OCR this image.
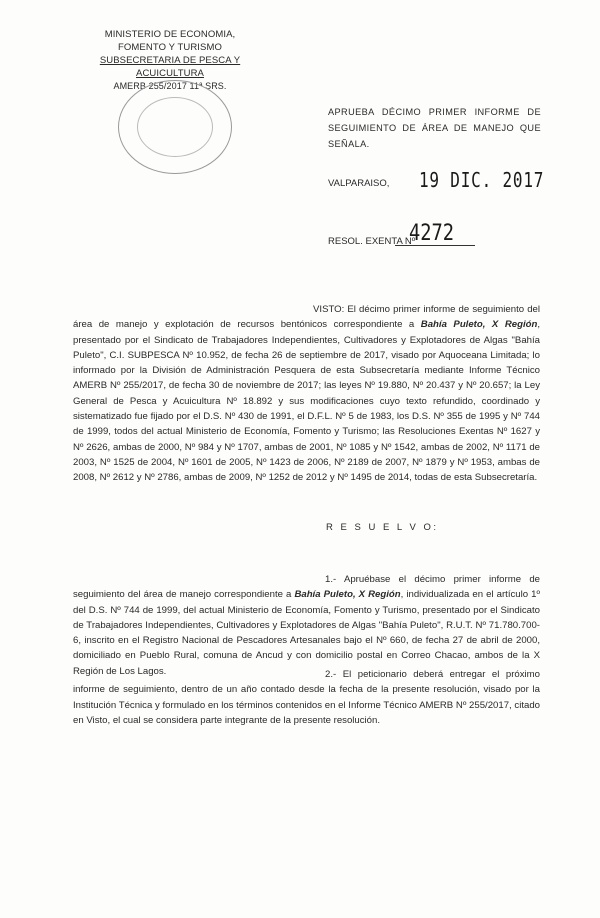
MINISTERIO DE ECONOMIA,
FOMENTO Y TURISMO
SUBSECRETARIA DE PESCA Y ACUICULTURA
AMERB 255/2017 11ª SRS.
APRUEBA DÉCIMO PRIMER INFORME DE SEGUIMIENTO DE ÁREA DE MANEJO QUE SEÑALA.
VALPARAISO, 19 DIC. 2017
RESOL. EXENTA Nº
4272
VISTO: El décimo primer informe de seguimiento del área de manejo y explotación de recursos bentónicos correspondiente a Bahía Puleto, X Región, presentado por el Sindicato de Trabajadores Independientes, Cultivadores y Explotadores de Algas "Bahía Puleto", C.I. SUBPESCA Nº 10.952, de fecha 26 de septiembre de 2017, visado por Aquoceana Limitada; lo informado por la División de Administración Pesquera de esta Subsecretaría mediante Informe Técnico AMERB Nº 255/2017, de fecha 30 de noviembre de 2017; las leyes Nº 19.880, Nº 20.437 y Nº 20.657; la Ley General de Pesca y Acuicultura Nº 18.892 y sus modificaciones cuyo texto refundido, coordinado y sistematizado fue fijado por el D.S. Nº 430 de 1991, el D.F.L. Nº 5 de 1983, los D.S. Nº 355 de 1995 y Nº 744 de 1999, todos del actual Ministerio de Economía, Fomento y Turismo; las Resoluciones Exentas Nº 1627 y Nº 2626, ambas de 2000, Nº 984 y Nº 1707, ambas de 2001, Nº 1085 y Nº 1542, ambas de 2002, Nº 1171 de 2003, Nº 1525 de 2004, Nº 1601 de 2005, Nº 1423 de 2006, Nº 2189 de 2007, Nº 1879 y Nº 1953, ambas de 2008, Nº 2612 y Nº 2786, ambas de 2009, Nº 1252 de 2012 y Nº 1495 de 2014, todas de esta Subsecretaría.
R E S U E L V O:
1.- Apruébase el décimo primer informe de seguimiento del área de manejo correspondiente a Bahía Puleto, X Región, individualizada en el artículo 1º del D.S. Nº 744 de 1999, del actual Ministerio de Economía, Fomento y Turismo, presentado por el Sindicato de Trabajadores Independientes, Cultivadores y Explotadores de Algas "Bahía Puleto", R.U.T. Nº 71.780.700-6, inscrito en el Registro Nacional de Pescadores Artesanales bajo el Nº 660, de fecha 27 de abril de 2000, domiciliado en Pueblo Rural, comuna de Ancud y con domicilio postal en Correo Chacao, ambos de la X Región de Los Lagos.	2.- El peticionario deberá entregar el próximo informe de seguimiento, dentro de un año contado desde la fecha de la presente resolución, visado por la Institución Técnica y formulado en los términos contenidos en el Informe Técnico AMERB Nº 255/2017, citado en Visto, el cual se considera parte integrante de la presente resolución.
